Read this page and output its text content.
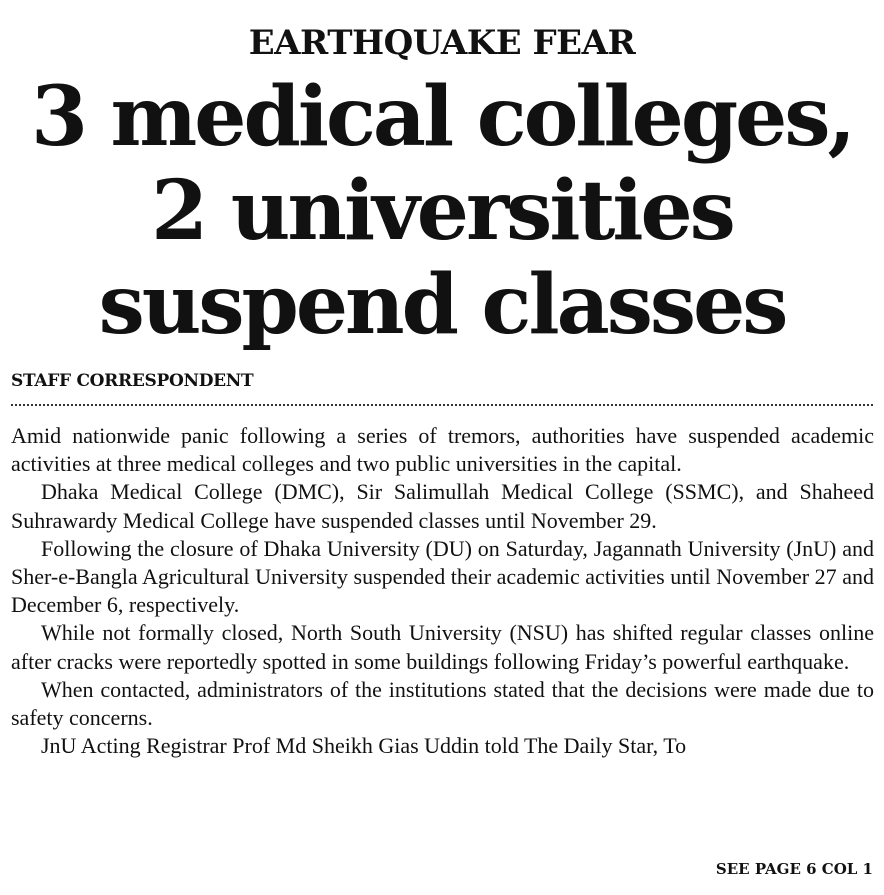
EARTHQUAKE FEAR
3 medical colleges,
2 universities
suspend classes

STAFF CORRESPONDENT

Amid nationwide panic following a series of tremors, authorities have suspended academic activities at three medical colleges and two public universities in the capital.

Dhaka Medical College (DMC), Sir Salimullah Medical College (SSMC), and Shaheed Suhrawardy Medical College have suspended classes until November 29.

Following the closure of Dhaka University (DU) on Saturday, Jagannath University (JnU) and Sher-e-Bangla Agricultural University suspended their academic activities until November 27 and December 6, respectively.

While not formally closed, North South University (NSU) has shifted regular classes online after cracks were reportedly spotted in some buildings following Friday’s powerful earthquake.

When contacted, administrators of the institutions stated that the decisions were made due to safety concerns.

JnU Acting Registrar Prof Md Sheikh Gias Uddin told The Daily Star, To

SEE PAGE 6 COL 1
